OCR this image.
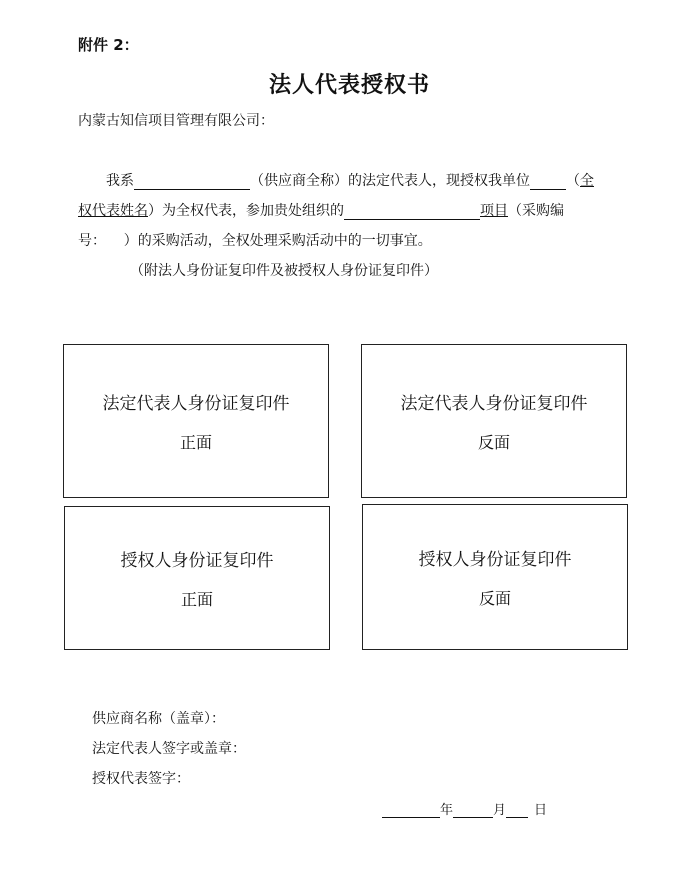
附件 2：
法人代表授权书
内蒙古知信项目管理有限公司：
我系	（供应商全称）的法定代表人，现授权我单位	（全
权代表姓名）为全权代表，参加贵处组织的	项目（采购编
号：    ）的采购活动，全权处理采购活动中的一切事宜。
（附法人身份证复印件及被授权人身份证复印件）
法定代表人身份证复印件
正面
法定代表人身份证复印件
反面
授权人身份证复印件
正面
授权人身份证复印件
反面
供应商名称（盖章）：
法定代表人签字或盖章：
授权代表签字：
年	月 日
